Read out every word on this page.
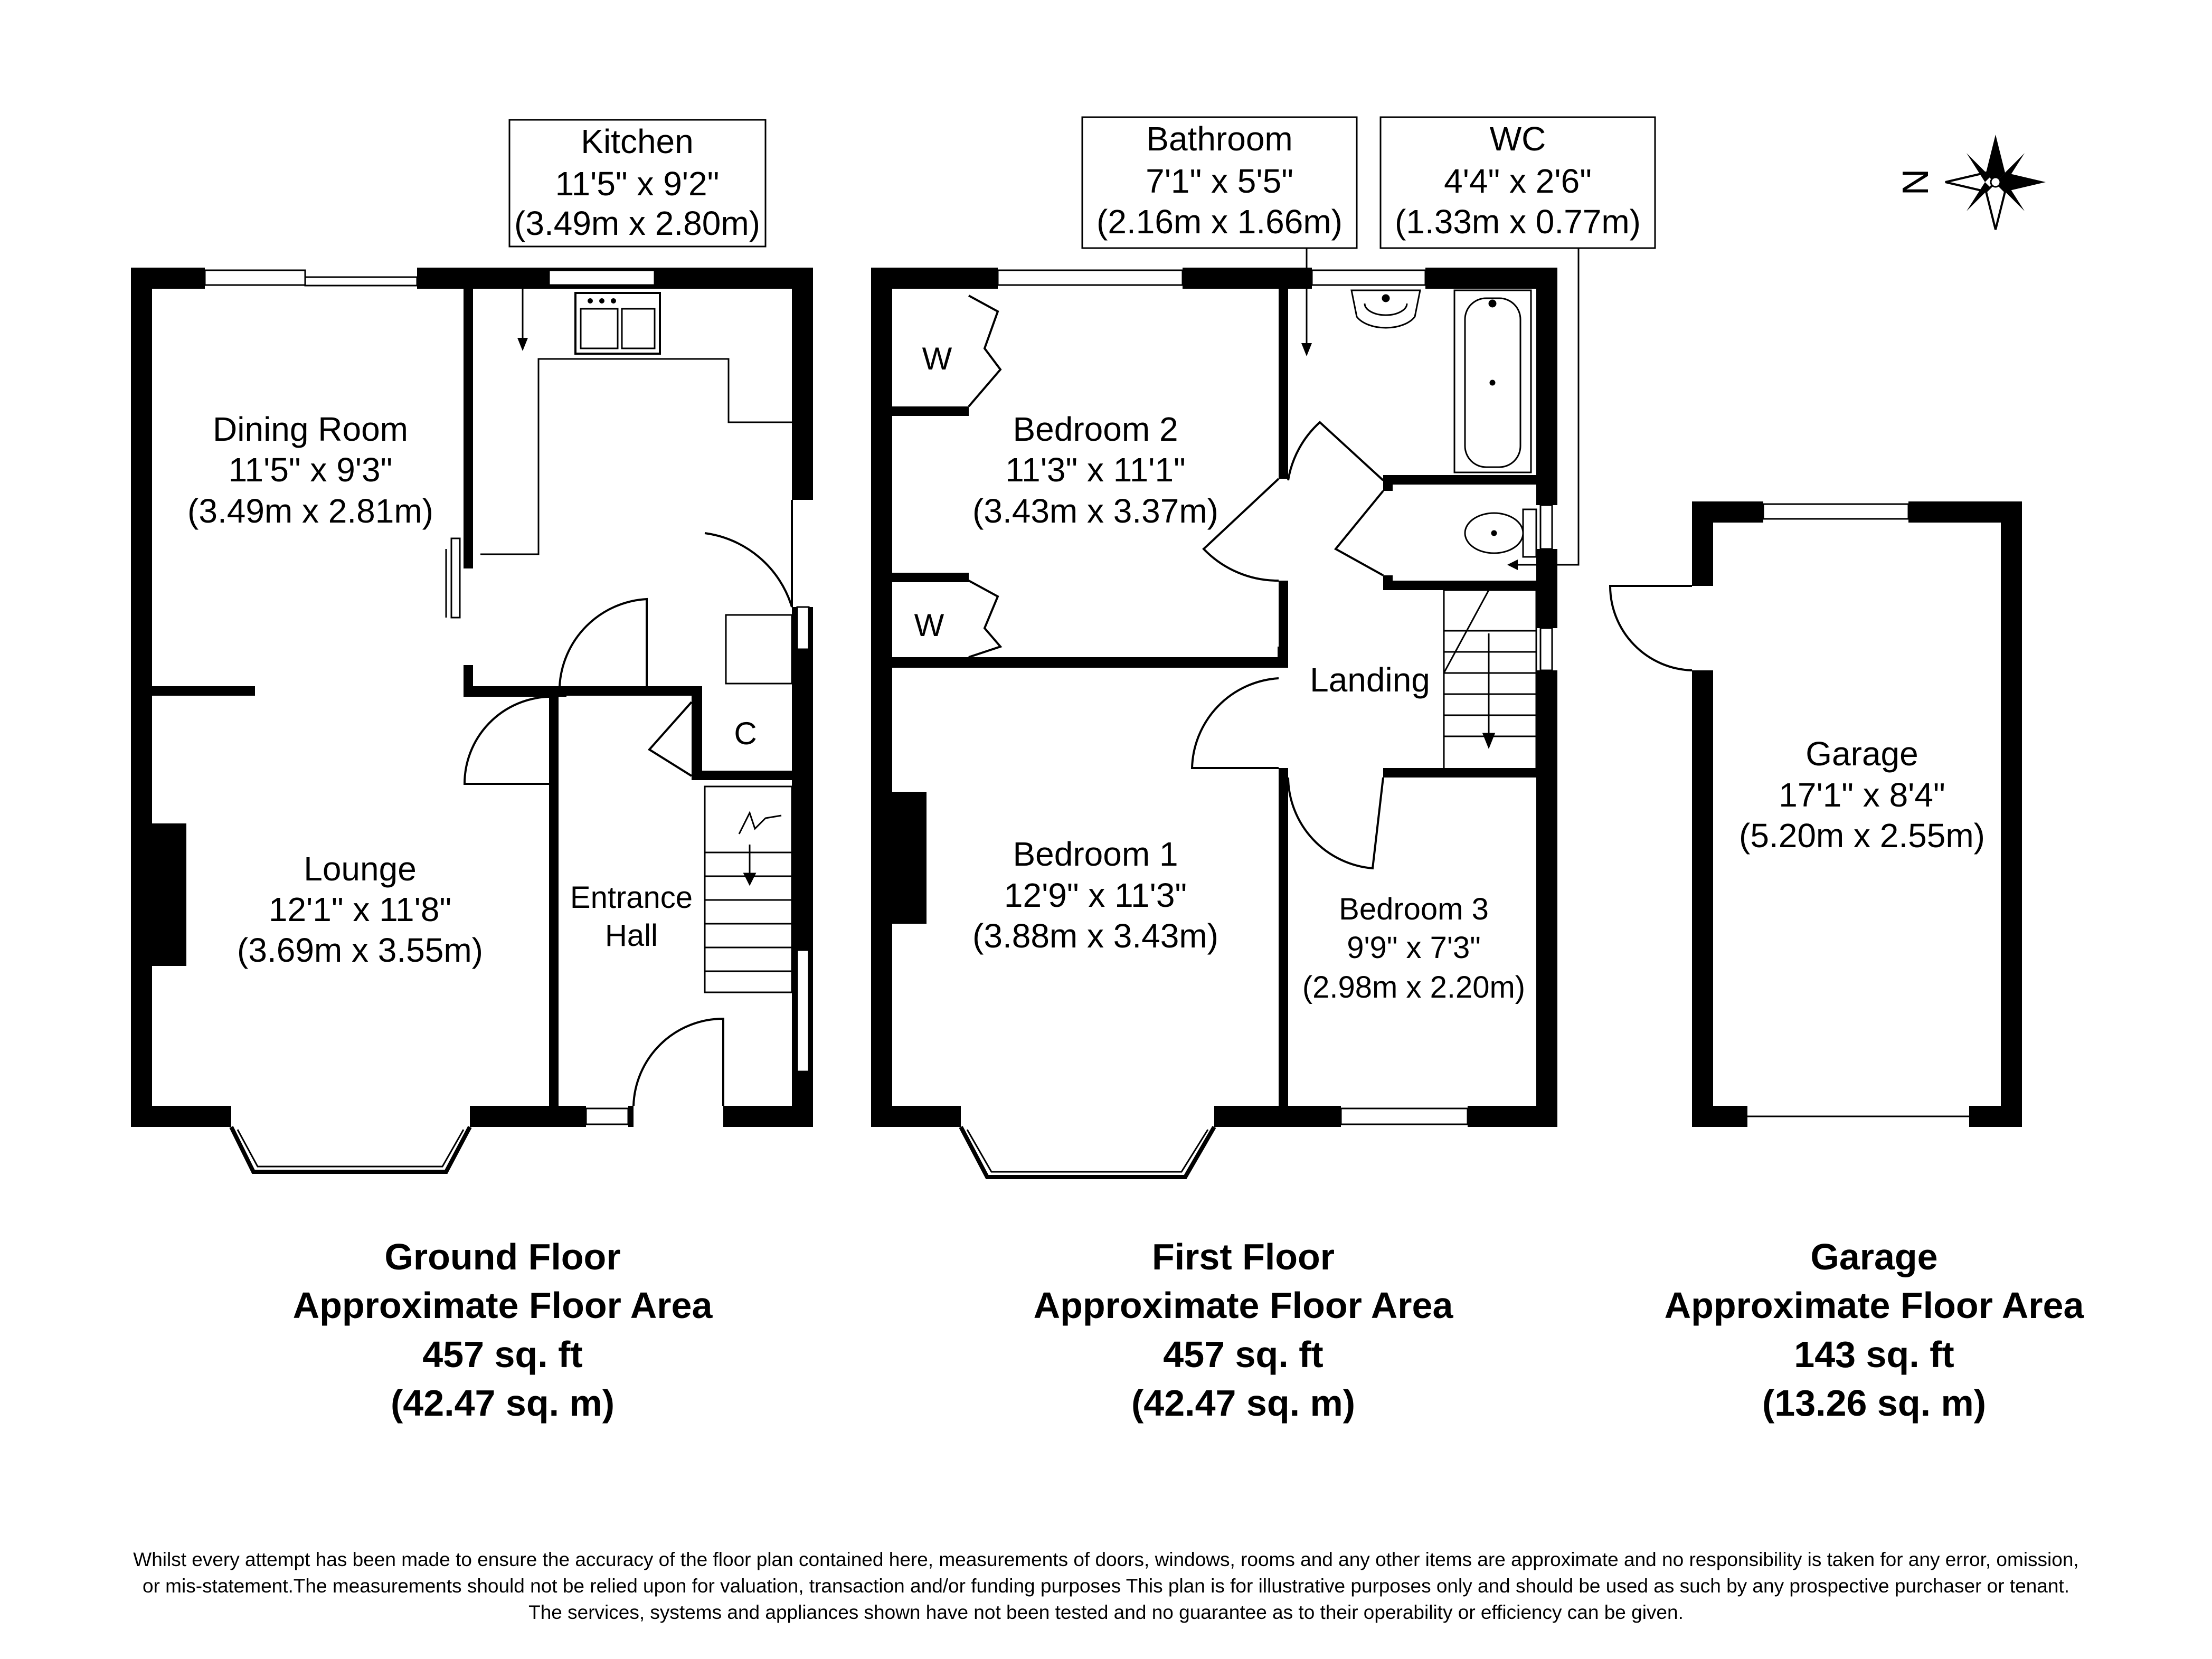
N
Kitchen
11'5" x 9'2"
(3.49m x 2.80m)
Bathroom
7'1" x 5'5"
(2.16m x 1.66m)
WC
4'4" x 2'6"
(1.33m x 0.77m)
Dining Room
11'5" x 9'3"
(3.49m x 2.81m)
Lounge
12'1" x 11'8"
(3.69m x 3.55m)
Entrance
Hall
C
W
W
Bedroom 2
11'3" x 11'1"
(3.43m x 3.37m)
Landing
Bedroom 1
12'9" x 11'3"
(3.88m x 3.43m)
Bedroom 3
9'9" x 7'3"
(2.98m x 2.20m)
Garage
17'1" x 8'4"
(5.20m x 2.55m)
Ground Floor
Approximate Floor Area
457 sq. ft
(42.47 sq. m)
First Floor
Approximate Floor Area
457 sq. ft
(42.47 sq. m)
Garage
Approximate Floor Area
143 sq. ft
(13.26 sq. m)
Whilst every attempt has been made to ensure the accuracy of the floor plan contained here, measurements of doors, windows, rooms and any other items are approximate and no responsibility is taken for any error, omission,
or mis-statement.The measurements should not be relied upon for valuation, transaction and/or funding purposes This plan is for illustrative purposes only and should be used as such by any prospective purchaser or tenant.
The services, systems and appliances shown have not been tested and no guarantee as to their operability or efficiency can be given.
